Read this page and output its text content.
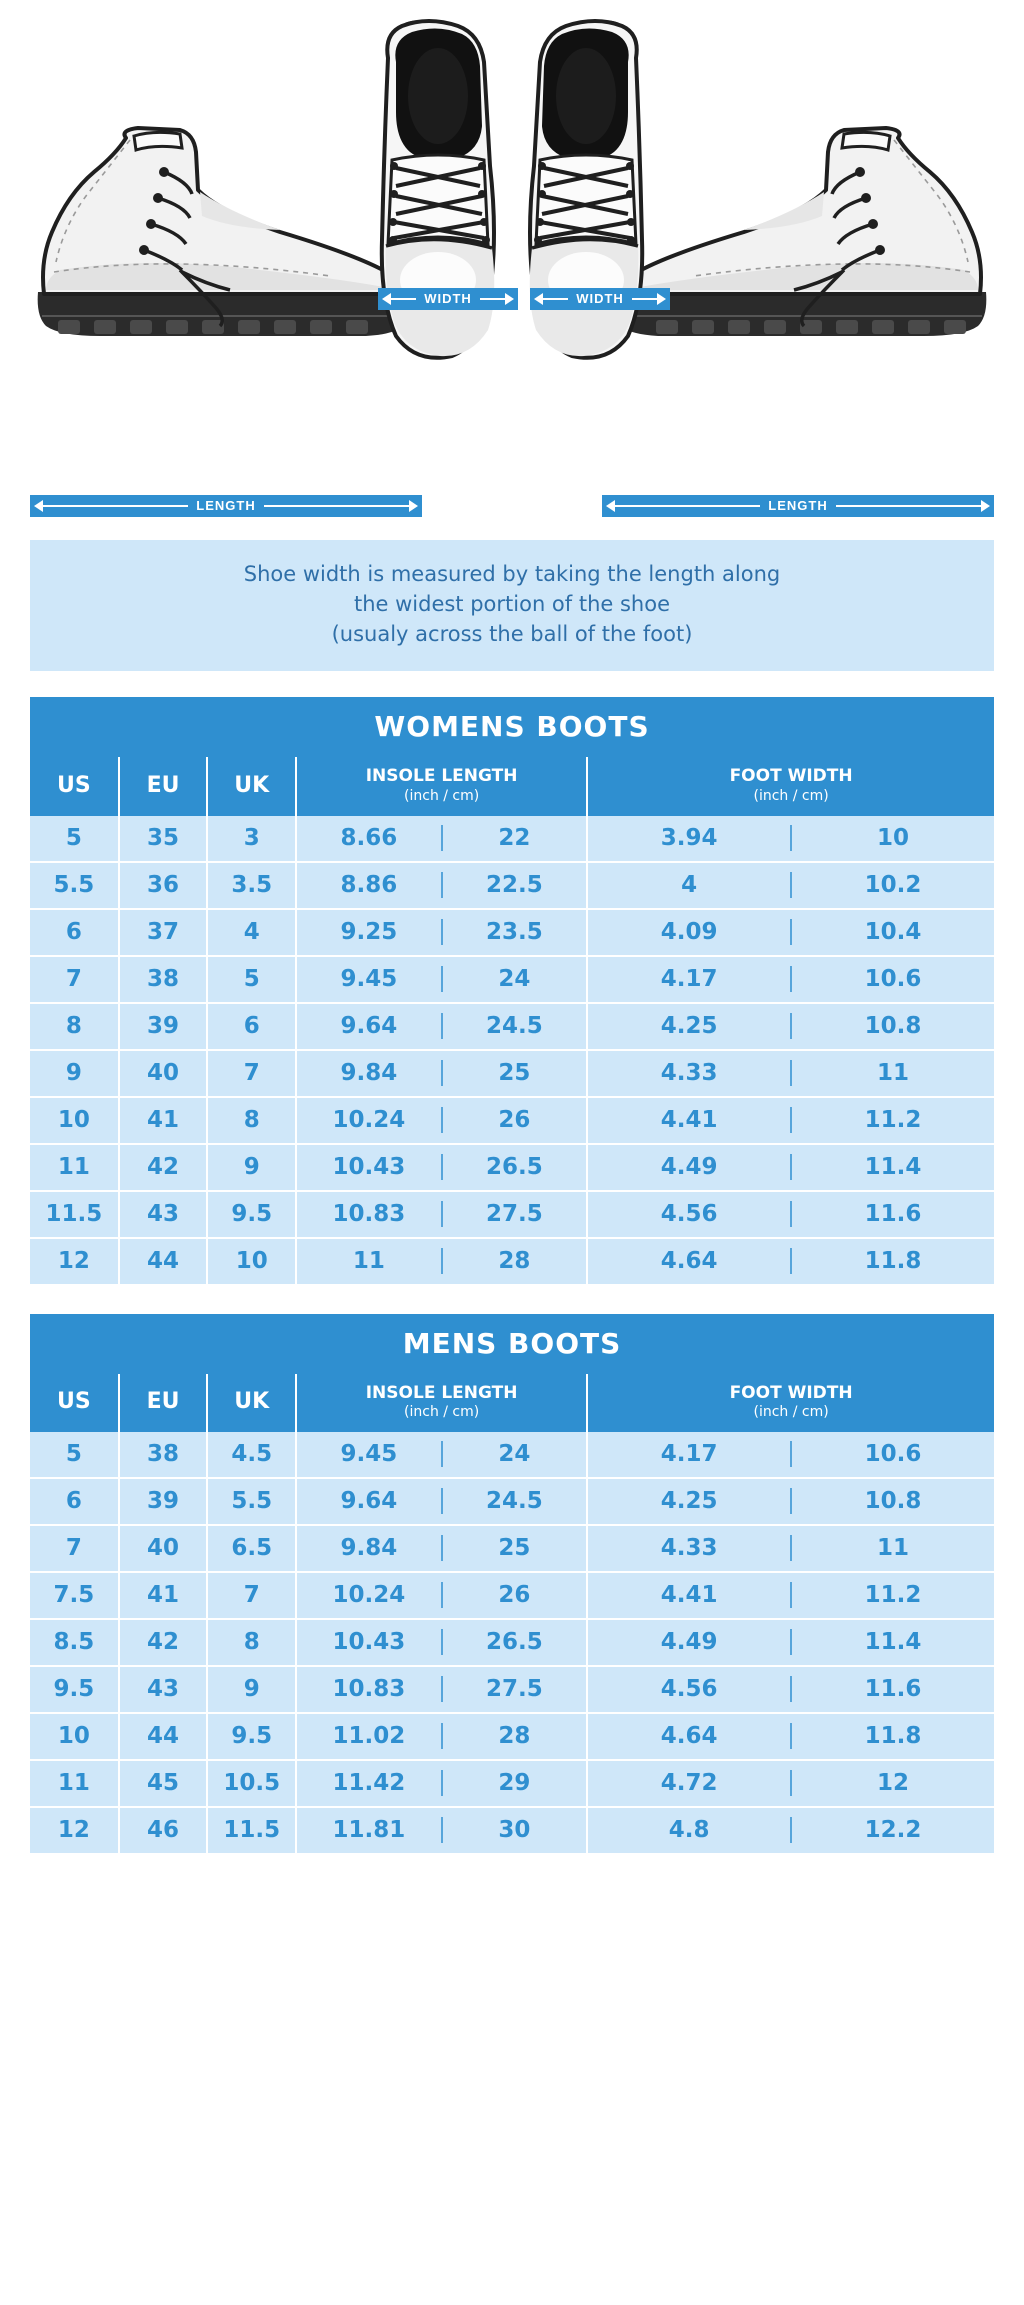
WIDTH	WIDTH
LENGTH	LENGTH
Shoe width is measured by taking the length along
the widest portion of the shoe
(usualy across the ball of the foot)
WOMENS BOOTS
US	EU	UK	INSOLE LENGTH
(inch / cm)	FOOT WIDTH
(inch / cm)

5	35	3	8.66 22	3.94 10

5.5	36	3.5	8.86 22.5	4 10.2

6	37	4	9.25 23.5	4.09 10.4

7	38	5	9.45 24	4.17 10.6

8	39	6	9.64 24.5	4.25 10.8

9	40	7	9.84 25	4.33 11

10	41	8	10.24 26	4.41 11.2

11	42	9	10.43 26.5	4.49 11.4

11.5	43	9.5	10.83 27.5	4.56 11.6

12	44	10	11 28	4.64 11.8
MENS BOOTS
US	EU	UK	INSOLE LENGTH
(inch / cm)	FOOT WIDTH
(inch / cm)

5	38	4.5	9.45 24	4.17 10.6

6	39	5.5	9.64 24.5	4.25 10.8

7	40	6.5	9.84 25	4.33 11

7.5	41	7	10.24 26	4.41 11.2

8.5	42	8	10.43 26.5	4.49 11.4

9.5	43	9	10.83 27.5	4.56 11.6

10	44	9.5	11.02 28	4.64 11.8

11	45	10.5	11.42 29	4.72 12

12	46	11.5	11.81 30	4.8 12.2
